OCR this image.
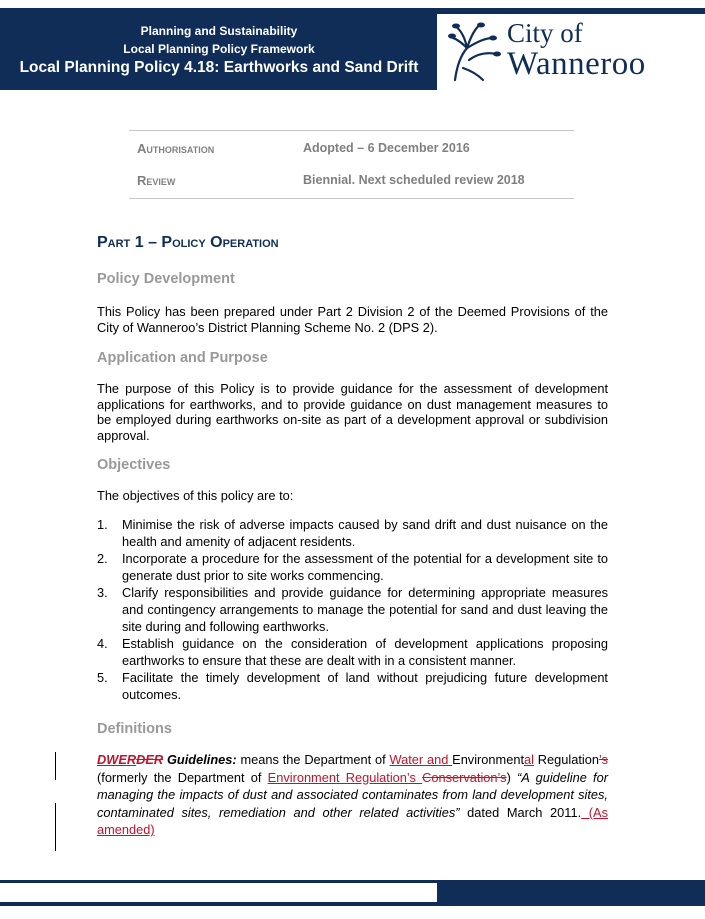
Planning and Sustainability
Local Planning Policy Framework
Local Planning Policy 4.18: Earthworks and Sand Drift
City of
Wanneroo
Authorisation	Adopted – 6 December 2016
Review	Biennial. Next scheduled review 2018
Part 1 – Policy Operation
Policy Development
This Policy has been prepared under Part 2 Division 2 of the Deemed Provisions of the City of Wanneroo’s District Planning Scheme No. 2 (DPS 2).
Application and Purpose
The purpose of this Policy is to provide guidance for the assessment of development applications for earthworks, and to provide guidance on dust management measures to be employed during earthworks on-site as part of a development approval or subdivision approval.
Objectives
The objectives of this policy are to:
1. Minimise the risk of adverse impacts caused by sand drift and dust nuisance on the health and amenity of adjacent residents.
2. Incorporate a procedure for the assessment of the potential for a development site to generate dust prior to site works commencing.
3. Clarify responsibilities and provide guidance for determining appropriate measures and contingency arrangements to manage the potential for sand and dust leaving the site during and following earthworks.
4. Establish guidance on the consideration of development applications proposing earthworks to ensure that these are dealt with in a consistent manner.
5. Facilitate the timely development of land without prejudicing future development outcomes.
Definitions
DWERDER Guidelines: means the Department of Water and Environmental Regulation’s (formerly the Department of Environment Regulation’s Conservation’s) “A guideline for managing the impacts of dust and associated contaminates from land development sites, contaminated sites, remediation and other related activities” dated March 2011. (As amended)
